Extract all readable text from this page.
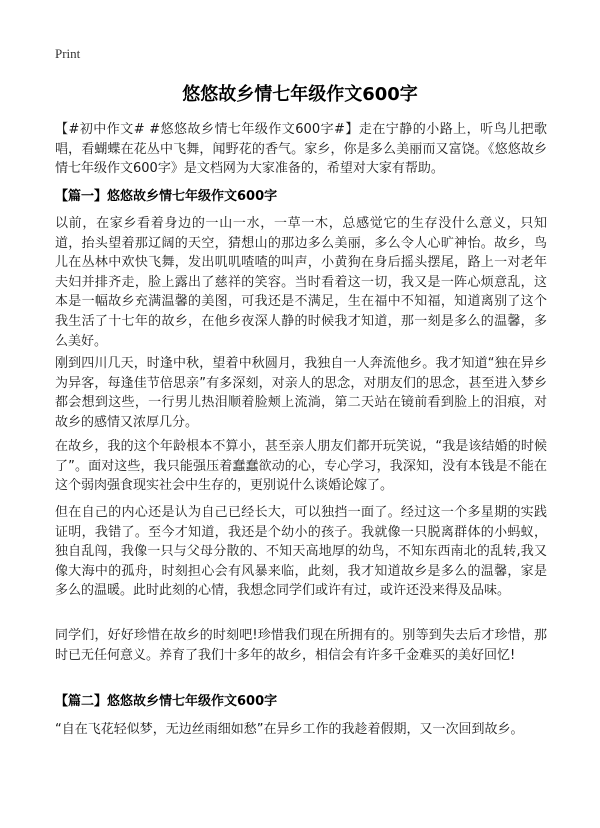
Print
悠悠故乡情七年级作文600字
【#初中作文# #悠悠故乡情七年级作文600字#】走在宁静的小路上，听鸟儿把歌唱，看蝴蝶在花丛中飞舞，闻野花的香气。家乡，你是多么美丽而又富饶。《悠悠故乡情七年级作文600字》是文档网为大家准备的，希望对大家有帮助。
【篇一】悠悠故乡情七年级作文600字
以前，在家乡看着身边的一山一水，一草一木，总感觉它的生存没什么意义，只知道，抬头望着那辽阔的天空，猜想山的那边多么美丽，多么令人心旷神怡。故乡，鸟儿在丛林中欢快飞舞，发出叽叽喳喳的叫声，小黄狗在身后摇头摆尾，路上一对老年夫妇并排齐走，脸上露出了慈祥的笑容。当时看着这一切，我又是一阵心烦意乱，这本是一幅故乡充满温馨的美图，可我还是不满足，生在福中不知福，知道离别了这个我生活了十七年的故乡，在他乡夜深人静的时候我才知道，那一刻是多么的温馨，多么美好。
刚到四川几天，时逢中秋，望着中秋圆月，我独自一人奔流他乡。我才知道“独在异乡为异客，每逢佳节倍思亲”有多深刻，对亲人的思念，对朋友们的思念，甚至进入梦乡都会想到这些，一行男儿热泪顺着脸颊上流淌，第二天站在镜前看到脸上的泪痕，对故乡的感情又浓厚几分。
在故乡，我的这个年龄根本不算小，甚至亲人朋友们都开玩笑说，“我是该结婚的时候了”。面对这些，我只能强压着蠢蠢欲动的心，专心学习，我深知，没有本钱是不能在这个弱肉强食现实社会中生存的，更别说什么谈婚论嫁了。
但在自己的内心还是认为自己已经长大，可以独挡一面了。经过这一个多星期的实践证明，我错了。至今才知道，我还是个幼小的孩子。我就像一只脱离群体的小蚂蚁，独自乱闯，我像一只与父母分散的、不知天高地厚的幼鸟，不知东西南北的乱转,我又像大海中的孤舟，时刻担心会有风暴来临，此刻，我才知道故乡是多么的温馨，家是多么的温暖。此时此刻的心情，我想念同学们或许有过，或许还没来得及品味。
同学们，好好珍惜在故乡的时刻吧!珍惜我们现在所拥有的。别等到失去后才珍惜，那时已无任何意义。养育了我们十多年的故乡，相信会有许多千金难买的美好回忆!
【篇二】悠悠故乡情七年级作文600字
“自在飞花轻似梦，无边丝雨细如愁”在异乡工作的我趁着假期，又一次回到故乡。
